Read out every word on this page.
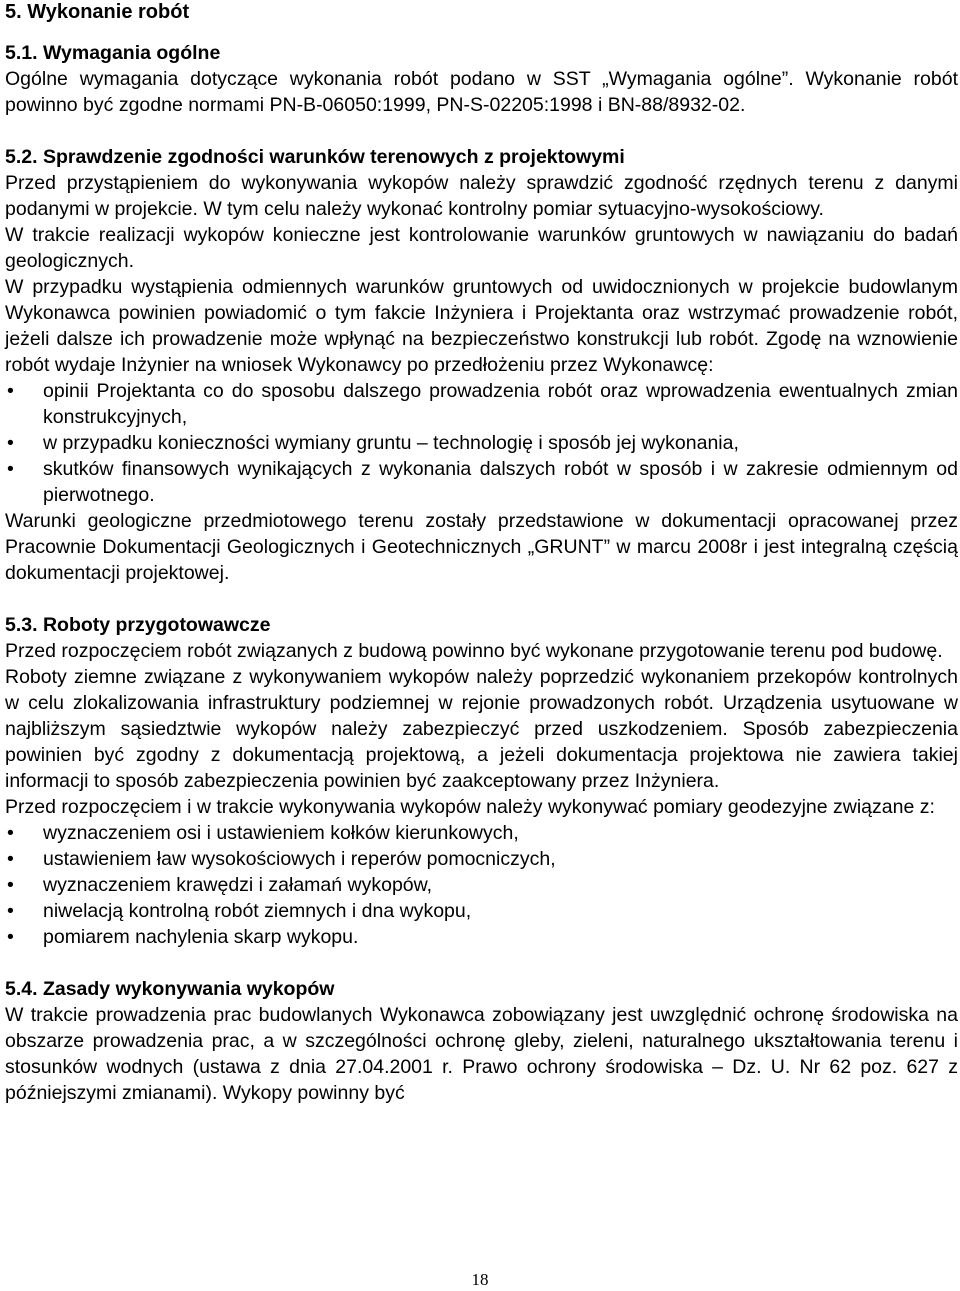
5. Wykonanie robót
5.1. Wymagania ogólne

Ogólne wymagania dotyczące wykonania robót podano w SST „Wymagania ogólne”. Wykonanie robót powinno być zgodne normami PN-B-06050:1999, PN-S-02205:1998 i BN-88/8932-02.

5.2. Sprawdzenie zgodności warunków terenowych z projektowymi

Przed przystąpieniem do wykonywania wykopów należy sprawdzić zgodność rzędnych terenu z danymi podanymi w projekcie. W tym celu należy wykonać kontrolny pomiar sytuacyjno-wysokościowy.

W trakcie realizacji wykopów konieczne jest kontrolowanie warunków gruntowych w nawiązaniu do badań geologicznych.

W przypadku wystąpienia odmiennych warunków gruntowych od uwidocznionych w projekcie budowlanym Wykonawca powinien powiadomić o tym fakcie Inżyniera i Projektanta oraz wstrzymać prowadzenie robót, jeżeli dalsze ich prowadzenie może wpłynąć na bezpieczeństwo konstrukcji lub robót. Zgodę na wznowienie robót wydaje Inżynier na wniosek Wykonawcy po przedłożeniu przez Wykonawcę:

•	opinii Projektanta co do sposobu dalszego prowadzenia robót oraz wprowadzenia ewentualnych zmian konstrukcyjnych,
•	w przypadku konieczności wymiany gruntu – technologię i sposób jej wykonania,
•	skutków finansowych wynikających z wykonania dalszych robót w sposób i w zakresie odmiennym od pierwotnego.

Warunki geologiczne przedmiotowego terenu zostały przedstawione w dokumentacji opracowanej przez Pracownie Dokumentacji Geologicznych i Geotechnicznych „GRUNT” w marcu 2008r i jest integralną częścią dokumentacji projektowej.

5.3. Roboty przygotowawcze

Przed rozpoczęciem robót związanych z budową powinno być wykonane przygotowanie terenu pod budowę.

Roboty ziemne związane z wykonywaniem wykopów należy poprzedzić wykonaniem przekopów kontrolnych w celu zlokalizowania infrastruktury podziemnej w rejonie prowadzonych robót. Urządzenia usytuowane w najbliższym sąsiedztwie wykopów należy zabezpieczyć przed uszkodzeniem. Sposób zabezpieczenia powinien być zgodny z dokumentacją projektową, a jeżeli dokumentacja projektowa nie zawiera takiej informacji to sposób zabezpieczenia powinien być zaakceptowany przez Inżyniera.

Przed rozpoczęciem i w trakcie wykonywania wykopów należy wykonywać pomiary geodezyjne związane z:

•	wyznaczeniem osi i ustawieniem kołków kierunkowych,
•	ustawieniem ław wysokościowych i reperów pomocniczych,
•	wyznaczeniem krawędzi i załamań wykopów,
•	niwelacją kontrolną robót ziemnych i dna wykopu,
•	pomiarem nachylenia skarp wykopu.
5.4. Zasady wykonywania wykopów

W trakcie prowadzenia prac budowlanych Wykonawca zobowiązany jest uwzględnić ochronę środowiska na obszarze prowadzenia prac, a w szczególności ochronę gleby, zieleni, naturalnego ukształtowania terenu i stosunków wodnych (ustawa z dnia 27.04.2001 r. Prawo ochrony środowiska – Dz. U. Nr 62 poz. 627 z późniejszymi zmianami). Wykopy powinny być

18
